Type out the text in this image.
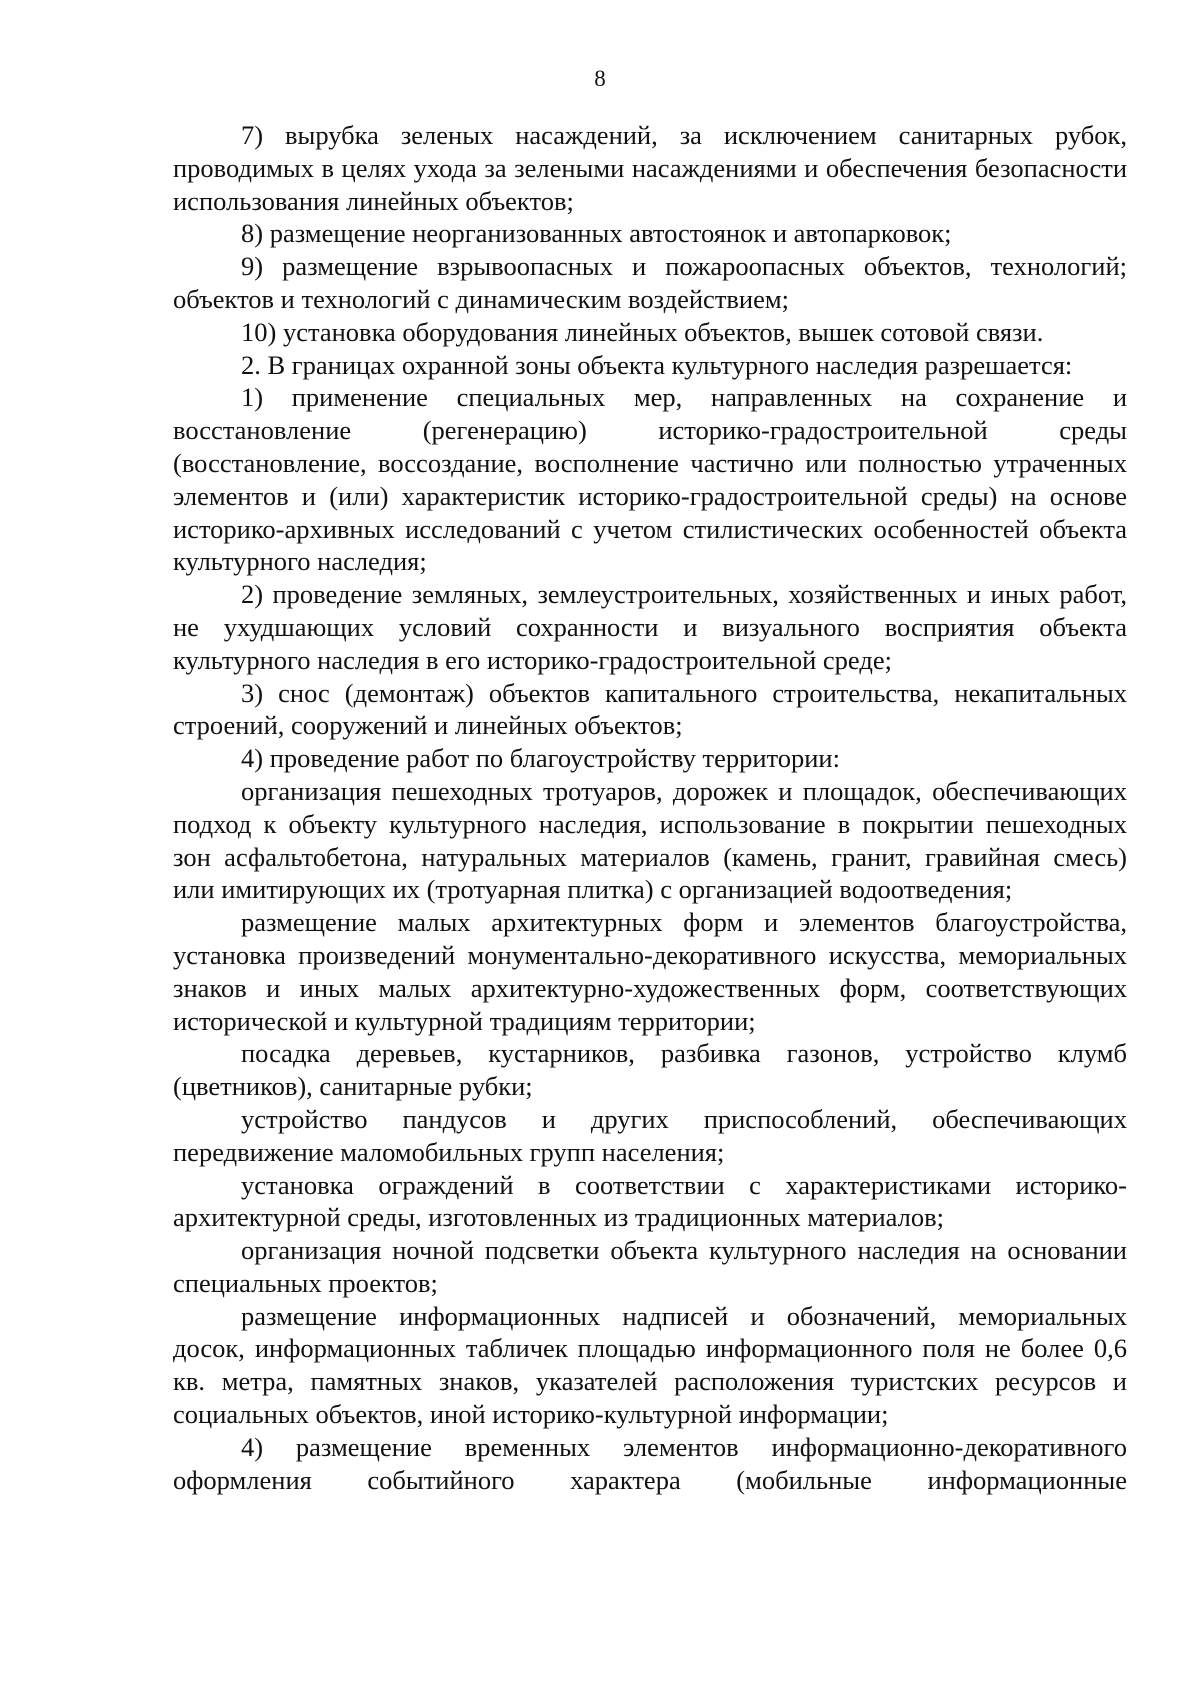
8

7) вырубка зеленых насаждений, за исключением санитарных рубок, проводимых в целях ухода за зелеными насаждениями и обеспечения безопасности использования линейных объектов;

8) размещение неорганизованных автостоянок и автопарковок;

9) размещение взрывоопасных и пожароопасных объектов, технологий; объектов и технологий с динамическим воздействием;

10) установка оборудования линейных объектов, вышек сотовой связи.

2. В границах охранной зоны объекта культурного наследия разрешается:

1) применение специальных мер, направленных на сохранение и восстановление (регенерацию) историко-градостроительной среды (восстановление, воссоздание, восполнение частично или полностью утраченных элементов и (или) характеристик историко-градостроительной среды) на основе историко-архивных исследований с учетом стилистических особенностей объекта культурного наследия;

2) проведение земляных, землеустроительных, хозяйственных и иных работ, не ухудшающих условий сохранности и визуального восприятия объекта культурного наследия в его историко-градостроительной среде;

3) снос (демонтаж) объектов капитального строительства, некапитальных строений, сооружений и линейных объектов;

4) проведение работ по благоустройству территории:

организация пешеходных тротуаров, дорожек и площадок, обеспечивающих подход к объекту культурного наследия, использование в покрытии пешеходных зон асфальтобетона, натуральных материалов (камень, гранит, гравийная смесь) или имитирующих их (тротуарная плитка) с организацией водоотведения;

размещение малых архитектурных форм и элементов благоустройства, установка произведений монументально-декоративного искусства, мемориальных знаков и иных малых архитектурно-художественных форм, соответствующих исторической и культурной традициям территории;

посадка деревьев, кустарников, разбивка газонов, устройство клумб (цветников), санитарные рубки;

устройство пандусов и других приспособлений, обеспечивающих передвижение маломобильных групп населения;

установка ограждений в соответствии с характеристиками историко-архитектурной среды, изготовленных из традиционных материалов;

организация ночной подсветки объекта культурного наследия на основании специальных проектов;

размещение информационных надписей и обозначений, мемориальных досок, информационных табличек площадью информационного поля не более 0,6 кв. метра, памятных знаков, указателей расположения туристских ресурсов и социальных объектов, иной историко-культурной информации;

4) размещение временных элементов информационно-декоративного оформления событийного характера (мобильные информационные
